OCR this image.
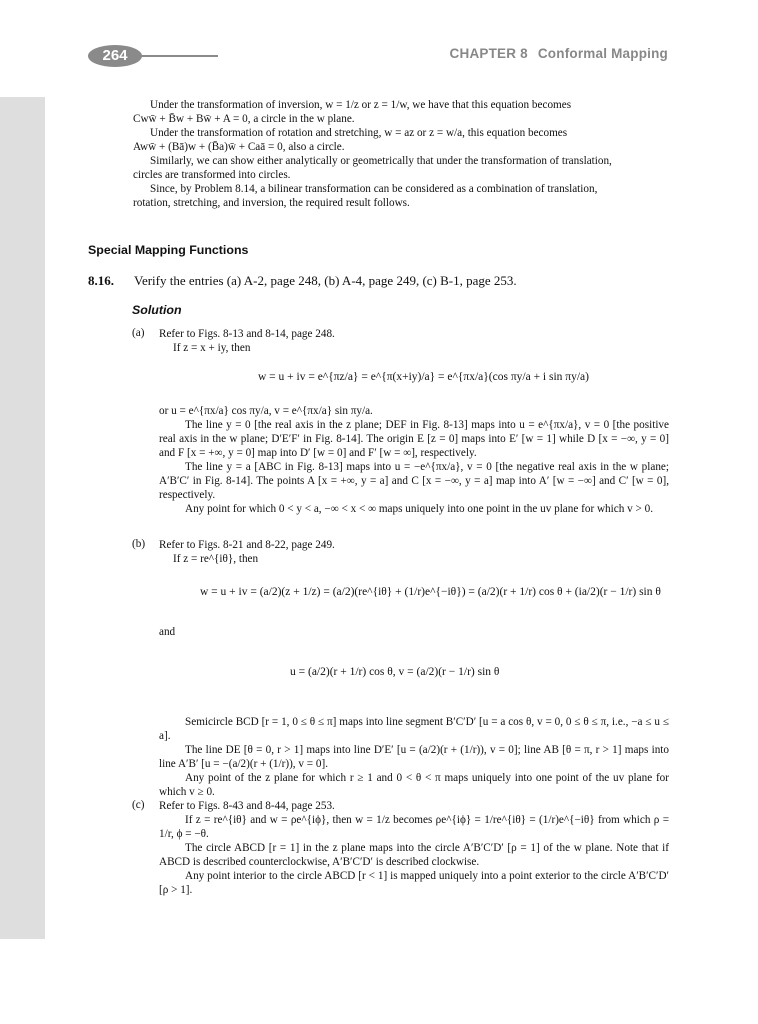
264	CHAPTER 8 Conformal Mapping
Under the transformation of inversion, w = 1/z or z = 1/w, we have that this equation becomes
Cww̄ + B̄w + Bw̄ + A = 0, a circle in the w plane.
Under the transformation of rotation and stretching, w = az or z = w/a, this equation becomes
Aww̄ + (Bā)w + (B̄a)w̄ + Caā = 0, also a circle.
Similarly, we can show either analytically or geometrically that under the transformation of translation,
circles are transformed into circles.
Since, by Problem 8.14, a bilinear transformation can be considered as a combination of translation,
rotation, stretching, and inversion, the required result follows.
Special Mapping Functions
8.16. Verify the entries (a) A-2, page 248, (b) A-4, page 249, (c) B-1, page 253.
Solution
(a) Refer to Figs. 8-13 and 8-14, page 248.
If z = x + iy, then
w = u + iv = e^{πz/a} = e^{π(x+iy)/a} = e^{πx/a}(cos πy/a + i sin πy/a)
or u = e^{πx/a} cos πy/a, v = e^{πx/a} sin πy/a.

The line y = 0 [the real axis in the z plane; DEF in Fig. 8-13] maps into u = e^{πx/a}, v = 0 [the positive real axis in the w plane; D′E′F′ in Fig. 8-14]. The origin E [z = 0] maps into E′ [w = 1] while D [x = −∞, y = 0] and F [x = +∞, y = 0] map into D′ [w = 0] and F′ [w = ∞], respectively.

The line y = a [ABC in Fig. 8-13] maps into u = −e^{πx/a}, v = 0 [the negative real axis in the w plane; A′B′C′ in Fig. 8-14]. The points A [x = +∞, y = a] and C [x = −∞, y = a] map into A′ [w = −∞] and C′ [w = 0], respectively.

Any point for which 0 < y < a, −∞ < x < ∞ maps uniquely into one point in the uv plane for which v > 0.

(b) Refer to Figs. 8-21 and 8-22, page 249.
If z = re^{iθ}, then
w = u + iv = (a/2)(z + 1/z) = (a/2)(re^{iθ} + (1/r)e^{−iθ}) = (a/2)(r + 1/r) cos θ + (ia/2)(r − 1/r) sin θ
and
u = (a/2)(r + 1/r) cos θ, v = (a/2)(r − 1/r) sin θ

Semicircle BCD [r = 1, 0 ≤ θ ≤ π] maps into line segment B′C′D′ [u = a cos θ, v = 0, 0 ≤ θ ≤ π, i.e., −a ≤ u ≤ a].

The line DE [θ = 0, r > 1] maps into line D′E′ [u = (a/2)(r + (1/r)), v = 0]; line AB [θ = π, r > 1] maps into line A′B′ [u = −(a/2)(r + (1/r)), v = 0].

Any point of the z plane for which r ≥ 1 and 0 < θ < π maps uniquely into one point of the uv plane for which v ≥ 0.

(c) Refer to Figs. 8-43 and 8-44, page 253.

If z = re^{iθ} and w = ρe^{iϕ}, then w = 1/z becomes ρe^{iϕ} = 1/re^{iθ} = (1/r)e^{−iθ} from which ρ = 1/r, ϕ = −θ.

The circle ABCD [r = 1] in the z plane maps into the circle A′B′C′D′ [ρ = 1] of the w plane. Note that if ABCD is described counterclockwise, A′B′C′D′ is described clockwise.

Any point interior to the circle ABCD [r < 1] is mapped uniquely into a point exterior to the circle A′B′C′D′ [ρ > 1].
